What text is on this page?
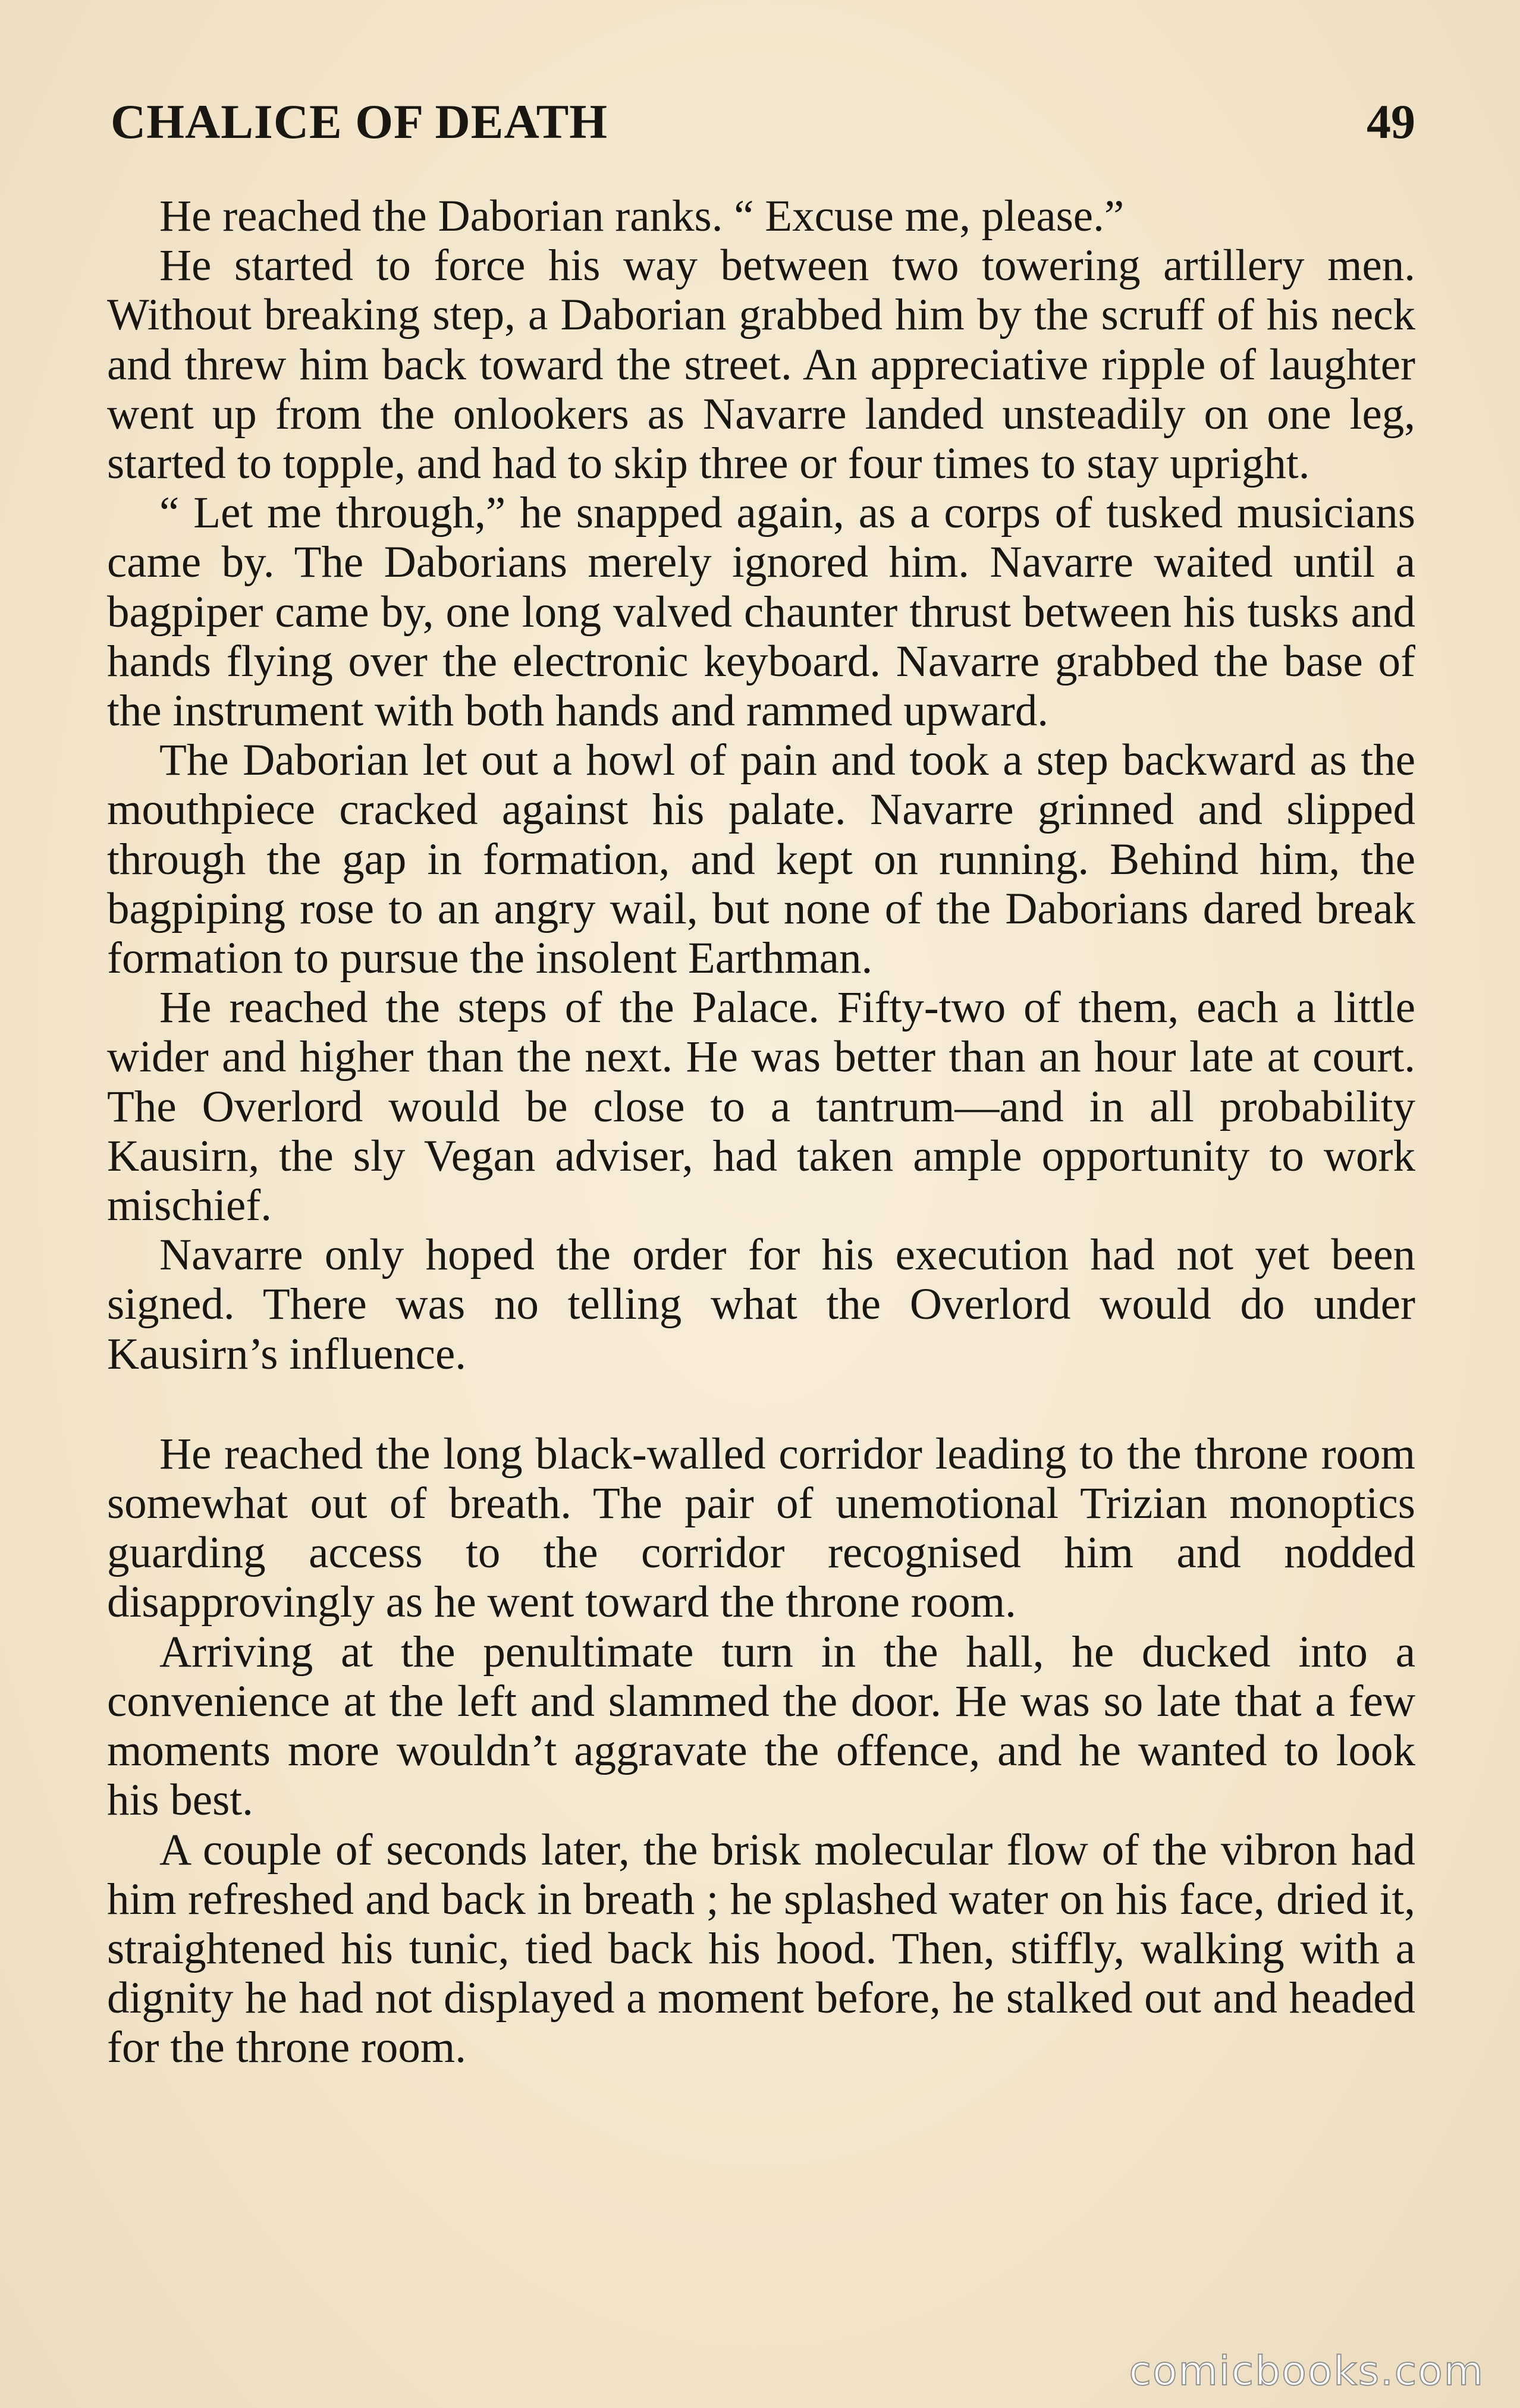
CHALICE OF DEATH	49

He reached the Daborian ranks. “ Excuse me, please.”

He started to force his way between two towering artillery men. Without breaking step, a Daborian grabbed him by the scruff of his neck and threw him back toward the street. An appreciative ripple of laughter went up from the onlookers as Navarre landed unsteadily on one leg, started to topple, and had to skip three or four times to stay upright.

“ Let me through,” he snapped again, as a corps of tusked musicians came by. The Daborians merely ignored him. Navarre waited until a bagpiper came by, one long valved chaunter thrust between his tusks and hands flying over the electronic keyboard. Navarre grabbed the base of the instrument with both hands and rammed upward.

The Daborian let out a howl of pain and took a step backward as the mouthpiece cracked against his palate. Navarre grinned and slipped through the gap in formation, and kept on running. Behind him, the bagpiping rose to an angry wail, but none of the Daborians dared break formation to pursue the insolent Earthman.

He reached the steps of the Palace. Fifty-two of them, each a little wider and higher than the next. He was better than an hour late at court. The Overlord would be close to a tantrum—and in all probability Kausirn, the sly Vegan adviser, had taken ample opportunity to work mischief.

Navarre only hoped the order for his execution had not yet been signed. There was no telling what the Overlord would do under Kausirn’s influence.

He reached the long black-walled corridor leading to the throne room somewhat out of breath. The pair of unemotional Trizian monoptics guarding access to the corridor recognised him and nodded disapprovingly as he went toward the throne room.

Arriving at the penultimate turn in the hall, he ducked into a convenience at the left and slammed the door. He was so late that a few moments more wouldn’t aggravate the offence, and he wanted to look his best.

A couple of seconds later, the brisk molecular flow of the vibron had him refreshed and back in breath ; he splashed water on his face, dried it, straightened his tunic, tied back his hood. Then, stiffly, walking with a dignity he had not displayed a moment before, he stalked out and headed for the throne room.

comicbooks.com
